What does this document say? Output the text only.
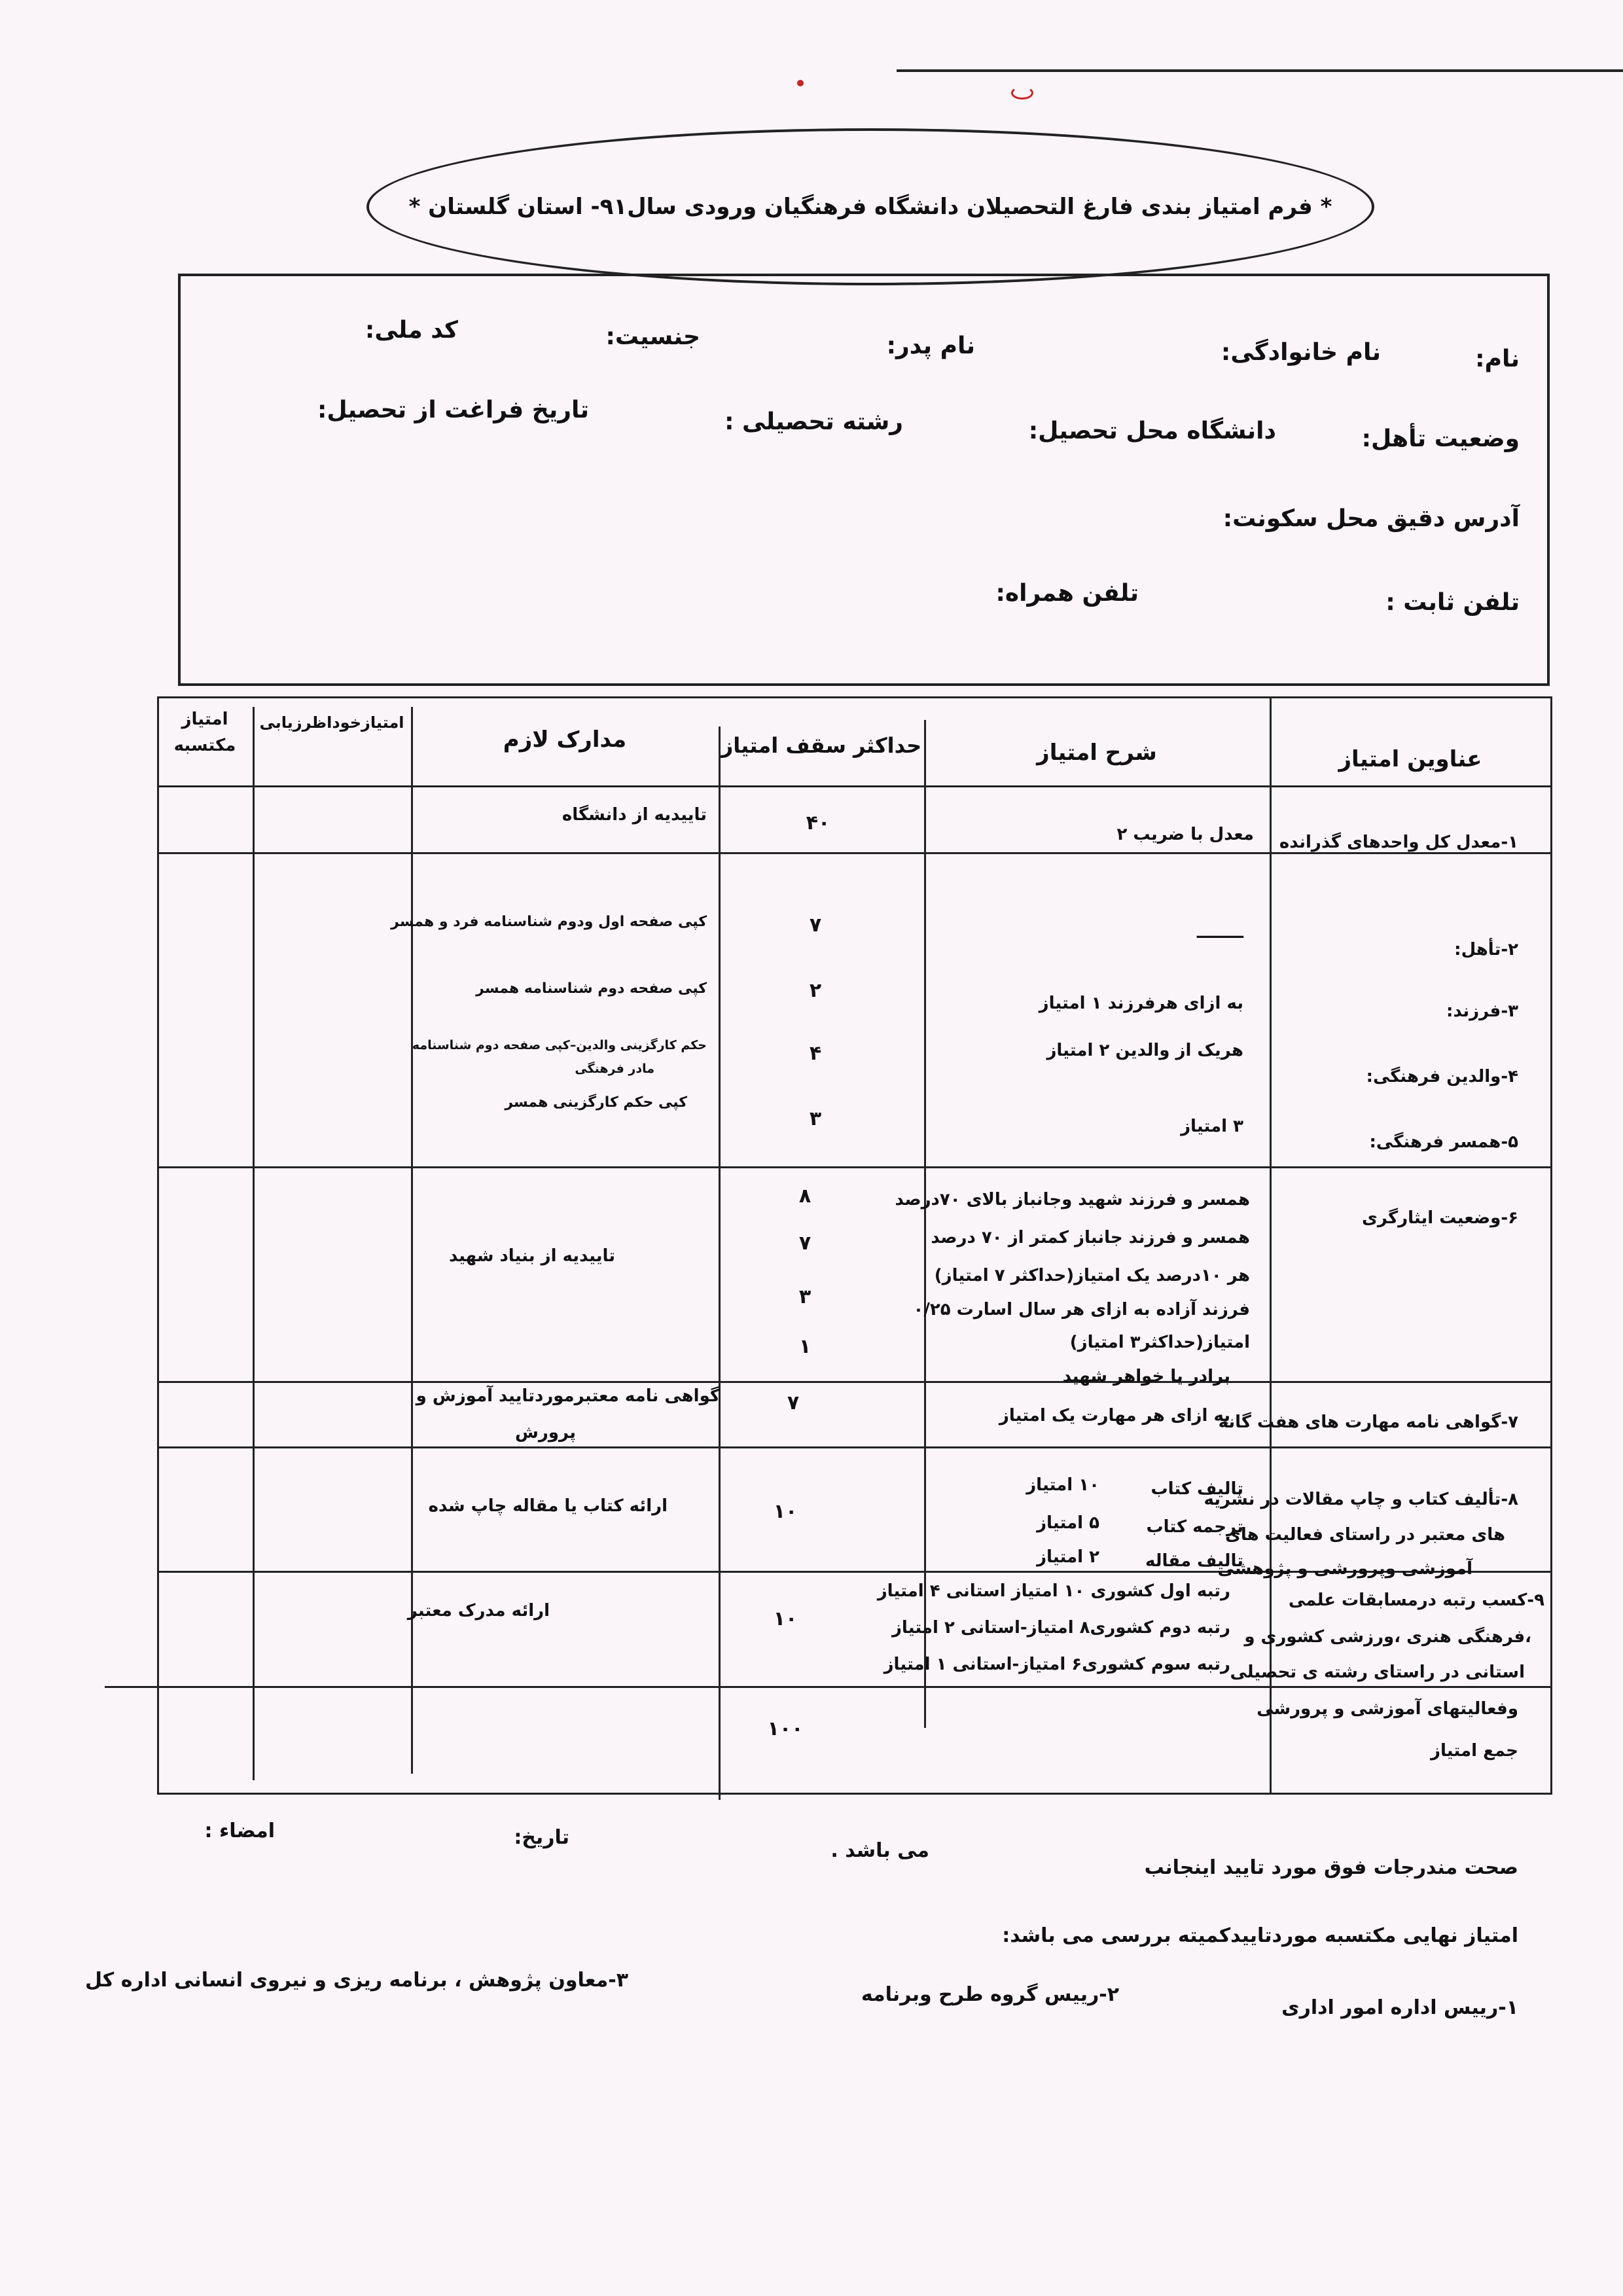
* فرم امتیاز بندی فارغ التحصیلان دانشگاه فرهنگیان ورودی سال۹۱- استان گلستان *
نام:
نام خانوادگی:
نام پدر:
جنسیت:
کد ملی:
وضعیت تأهل:
دانشگاه محل تحصیل:
رشته تحصیلی :
تاریخ فراغت از تحصیل:
آدرس دقیق محل سکونت:
تلفن ثابت :
تلفن همراه:
عناوین امتیاز
شرح امتیاز
حداکثر سقف امتیاز
مدارک لازم
امتیازخوداظرزیابی
امتیاز
مکتسبه
۱-معدل کل واحدهای گذرانده
معدل با ضریب ۲
۴۰
تاییدیه از دانشگاه
۲-تأهل:
۳-فرزند:
۴-والدین فرهنگی:
۵-همسر فرهنگی:
ــــــــ
به ازای هرفرزند ۱ امتیاز
هریک از والدین ۲ امتیاز
۳ امتیاز
۷
۲
۴
۳
کپی صفحه اول ودوم شناسنامه فرد و همسر
کپی صفحه دوم شناسنامه همسر
حکم کارگزینی والدین–کپی صفحه دوم شناسنامه
مادر فرهنگی
کپی حکم کارگزینی همسر
۶-وضعیت ایثارگری
همسر و فرزند شهید وجانباز بالای ۷۰درصد
همسر و فرزند جانباز کمتر از ۷۰ درصد
هر ۱۰درصد یک امتیاز(حداکثر ۷ امتیاز)
فرزند آزاده به ازای هر سال اسارت ۰/۲۵
امتیاز(حداکثر۳ امتیاز)
برادر یا خواهر شهید
۸
۷
۳
۱
تاییدیه از بنیاد شهید
۷-گواهی نامه مهارت های هفت گانه
به ازای هر مهارت یک امتیاز
۷
گواهی نامه معتبرموردتایید آموزش و
پرورش
۸-تألیف کتاب و چاپ مقالات در نشریه
های معتبر در راستای فعالیت های
آموزشی وپرورشی و پژوهشی
تالیف کتاب
۱۰ امتیاز
ترجمه کتاب
۵ امتیاز
تالیف مقاله
۲ امتیاز
۱۰
ارائه کتاب یا مقاله چاپ شده
۹-کسب رتبه درمسابقات علمی
،فرهنگی هنری ،ورزشی کشوری و
استانی در راستای رشته ی تحصیلی
وفعالیتهای آموزشی و پرورشی
رتبه اول کشوری ۱۰ امتیاز استانی ۴ امتیاز
رتبه دوم کشوری۸ امتیاز-استانی ۲ امتیاز
رتبه سوم کشوری۶ امتیاز-استانی ۱ امتیاز
۱۰
ارائه مدرک معتبر
جمع امتیاز
۱۰۰
صحت مندرجات فوق مورد تایید اینجانب
می باشد .
تاریخ:
امضاء :
امتیاز نهایی مکتسبه موردتاییدکمیته بررسی می باشد:
۱-رییس اداره امور اداری
۲-رییس گروه طرح وبرنامه
۳-معاون پژوهش ، برنامه ریزی و نیروی انسانی اداره کل
